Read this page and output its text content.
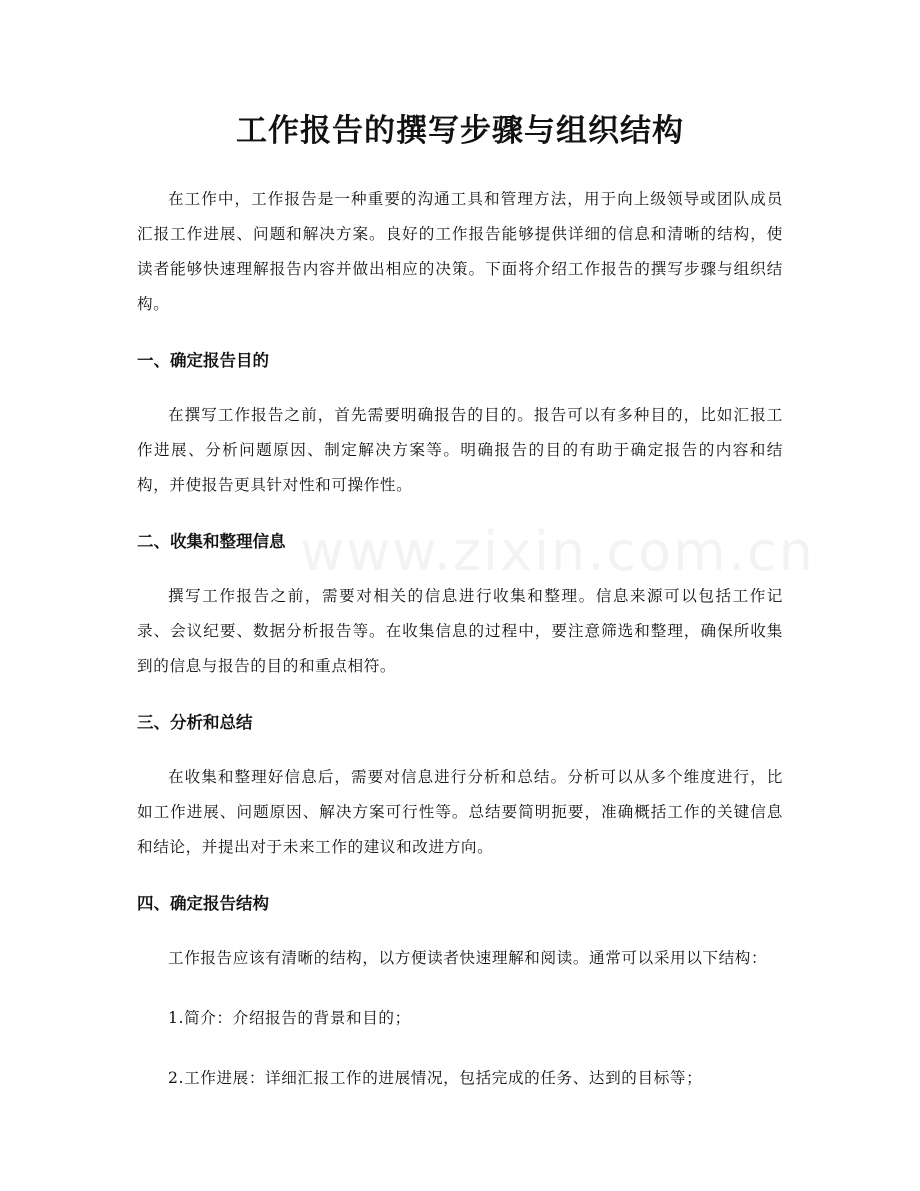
工作报告的撰写步骤与组织结构
www.zixin.com.cn

在工作中，工作报告是一种重要的沟通工具和管理方法，用于向上级领导或团队成员汇报工作进展、问题和解决方案。良好的工作报告能够提供详细的信息和清晰的结构，使读者能够快速理解报告内容并做出相应的决策。下面将介绍工作报告的撰写步骤与组织结构。

一、确定报告目的

在撰写工作报告之前，首先需要明确报告的目的。报告可以有多种目的，比如汇报工作进展、分析问题原因、制定解决方案等。明确报告的目的有助于确定报告的内容和结构，并使报告更具针对性和可操作性。

二、收集和整理信息

撰写工作报告之前，需要对相关的信息进行收集和整理。信息来源可以包括工作记录、会议纪要、数据分析报告等。在收集信息的过程中，要注意筛选和整理，确保所收集到的信息与报告的目的和重点相符。

三、分析和总结

在收集和整理好信息后，需要对信息进行分析和总结。分析可以从多个维度进行，比如工作进展、问题原因、解决方案可行性等。总结要简明扼要，准确概括工作的关键信息和结论，并提出对于未来工作的建议和改进方向。

四、确定报告结构

工作报告应该有清晰的结构，以方便读者快速理解和阅读。通常可以采用以下结构：

1.简介：介绍报告的背景和目的；

2.工作进展：详细汇报工作的进展情况，包括完成的任务、达到的目标等；
